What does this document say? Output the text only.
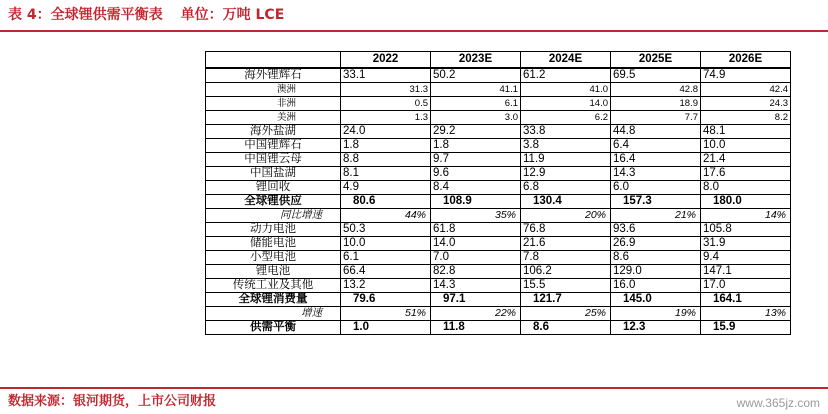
表 4：全球锂供需平衡表 单位：万吨 LCE
	2022	2023E	2024E	2025E	2026E
海外锂辉石	33.1	50.2	61.2	69.5	74.9
澳洲	31.3	41.1	41.0	42.8	42.4
非洲	0.5	6.1	14.0	18.9	24.3
美洲	1.3	3.0	6.2	7.7	8.2
海外盐湖	24.0	29.2	33.8	44.8	48.1
中国锂辉石	1.8	1.8	3.8	6.4	10.0
中国锂云母	8.8	9.7	11.9	16.4	21.4
中国盐湖	8.1	9.6	12.9	14.3	17.6
锂回收	4.9	8.4	6.8	6.0	8.0
全球锂供应	80.6	108.9	130.4	157.3	180.0
同比增速	44%	35%	20%	21%	14%
动力电池	50.3	61.8	76.8	93.6	105.8
储能电池	10.0	14.0	21.6	26.9	31.9
小型电池	6.1	7.0	7.8	8.6	9.4
锂电池	66.4	82.8	106.2	129.0	147.1
传统工业及其他	13.2	14.3	15.5	16.0	17.0
全球锂消费量	79.6	97.1	121.7	145.0	164.1
增速	51%	22%	25%	19%	13%
供需平衡	1.0	11.8	8.6	12.3	15.9
数据来源：银河期货，上市公司财报	www.365jz.com
